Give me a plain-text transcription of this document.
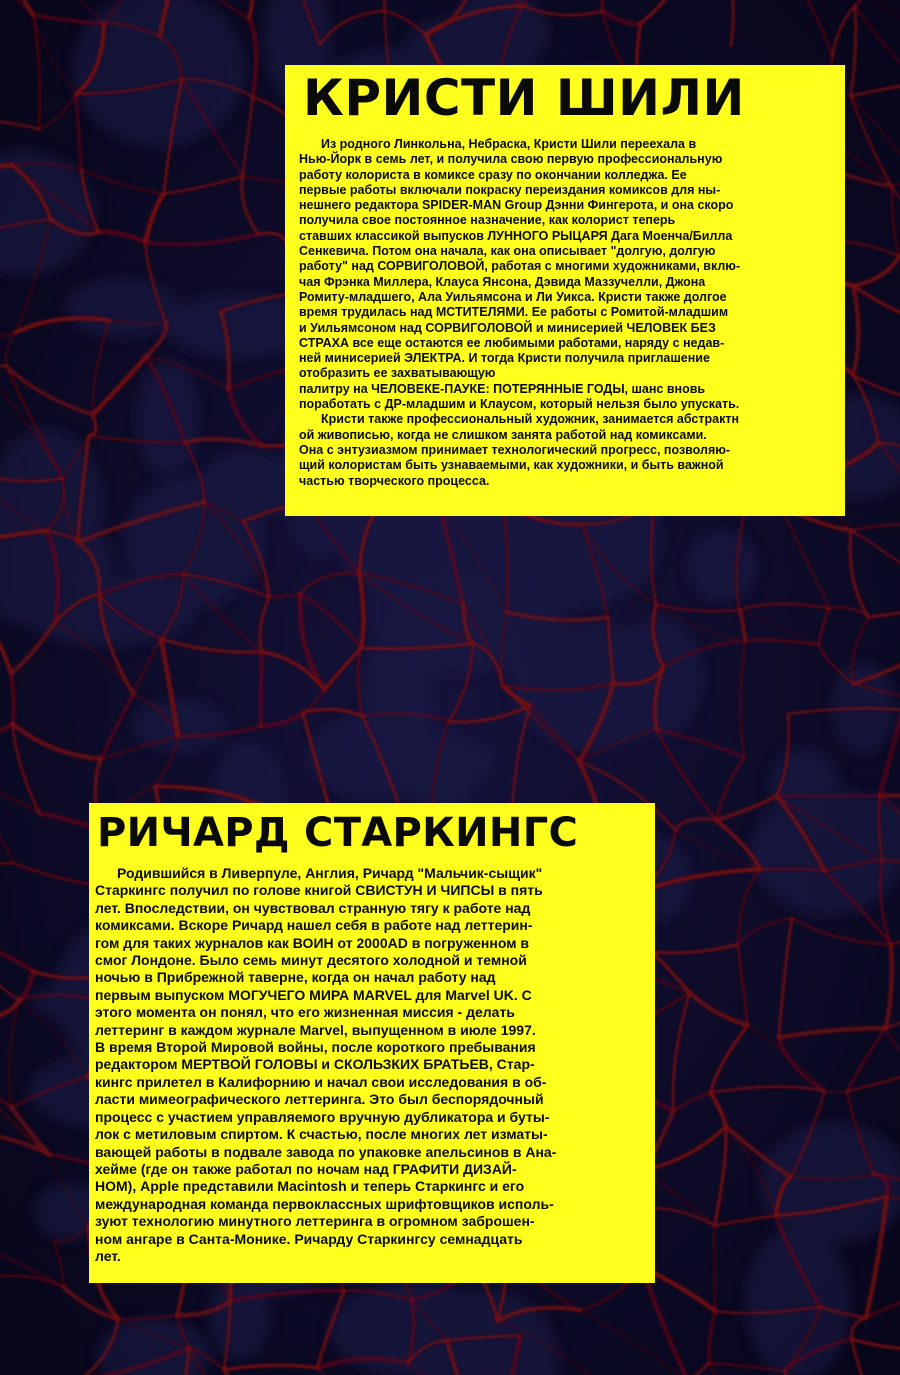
КРИСТИ ШИЛИ

Из родного Линкольна, Небраска, Кристи Шили переехала в
Нью-Йорк в семь лет, и получила свою первую профессиональную
работу колориста в комиксе сразу по окончании колледжа. Ее
первые работы включали покраску переиздания комиксов для ны-
нешнего редактора SPIDER-MAN Group Дэнни Фингерота, и она скоро
получила свое постоянное назначение, как колорист теперь
ставших классикой выпусков ЛУННОГО РЫЦАРЯ Дага Моенча/Билла
Сенкевича. Потом она начала, как она описывает "долгую, долгую
работу" над СОРВИГОЛОВОЙ, работая с многими художниками, вклю-
чая Фрэнка Миллера, Клауса Янсона, Дэвида Маззучелли, Джона
Ромиту-младшего, Ала Уильямсона и Ли Уикса. Кристи также долгое
время трудилась над МСТИТЕЛЯМИ. Ее работы с Ромитой-младшим
и Уильямсоном над СОРВИГОЛОВОЙ и минисерией ЧЕЛОВЕК БЕЗ
СТРАХА все еще остаются ее любимыми работами, наряду с недав-
ней минисерией ЭЛЕКТРА. И тогда Кристи получила приглашение
отобразить ее захватывающую
палитру на ЧЕЛОВЕКЕ-ПАУКЕ: ПОТЕРЯННЫЕ ГОДЫ, шанс вновь
поработать с ДР-младшим и Клаусом, который нельзя было упускать.

Кристи также профессиональный художник, занимается абстрактн
ой живописью, когда не слишком занята работой над комиксами.
Она с энтузиазмом принимает технологический прогресс, позволяю-
щий колористам быть узнаваемыми, как художники, и быть важной
частью творческого процесса.

РИЧАРД СТАРКИНГС

Родившийся в Ливерпуле, Англия, Ричард "Мальчик-сыщик"
Старкингс получил по голове книгой СВИСТУН И ЧИПСЫ в пять
лет. Впоследствии, он чувствовал странную тягу к работе над
комиксами. Вскоре Ричард нашел себя в работе над леттерин-
гом для таких журналов как ВОИН от 2000AD в погруженном в
смог Лондоне. Было семь минут десятого холодной и темной
ночью в Прибрежной таверне, когда он начал работу над
первым выпуском МОГУЧЕГО МИРА MARVEL для Marvel UK. С
этого момента он понял, что его жизненная миссия - делать
леттеринг в каждом журнале Marvel, выпущенном в июле 1997.
В время Второй Мировой войны, после короткого пребывания
редактором МЕРТВОЙ ГОЛОВЫ и СКОЛЬЗКИХ БРАТЬЕВ, Стар-
кингс прилетел в Калифорнию и начал свои исследования в об-
ласти мимеографического леттеринга. Это был беспорядочный
процесс с участием управляемого вручную дубликатора и буты-
лок с метиловым спиртом. К счастью, после многих лет изматы-
вающей работы в подвале завода по упаковке апельсинов в Ана-
хейме (где он также работал по ночам над ГРАФИТИ ДИЗАЙ-
НОМ), Apple представили Macintosh и теперь Старкингс и его
международная команда первоклассных шрифтовщиков исполь-
зуют технологию минутного леттеринга в огромном заброшен-
ном ангаре в Санта-Монике. Ричарду Старкингсу семнадцать
лет.
